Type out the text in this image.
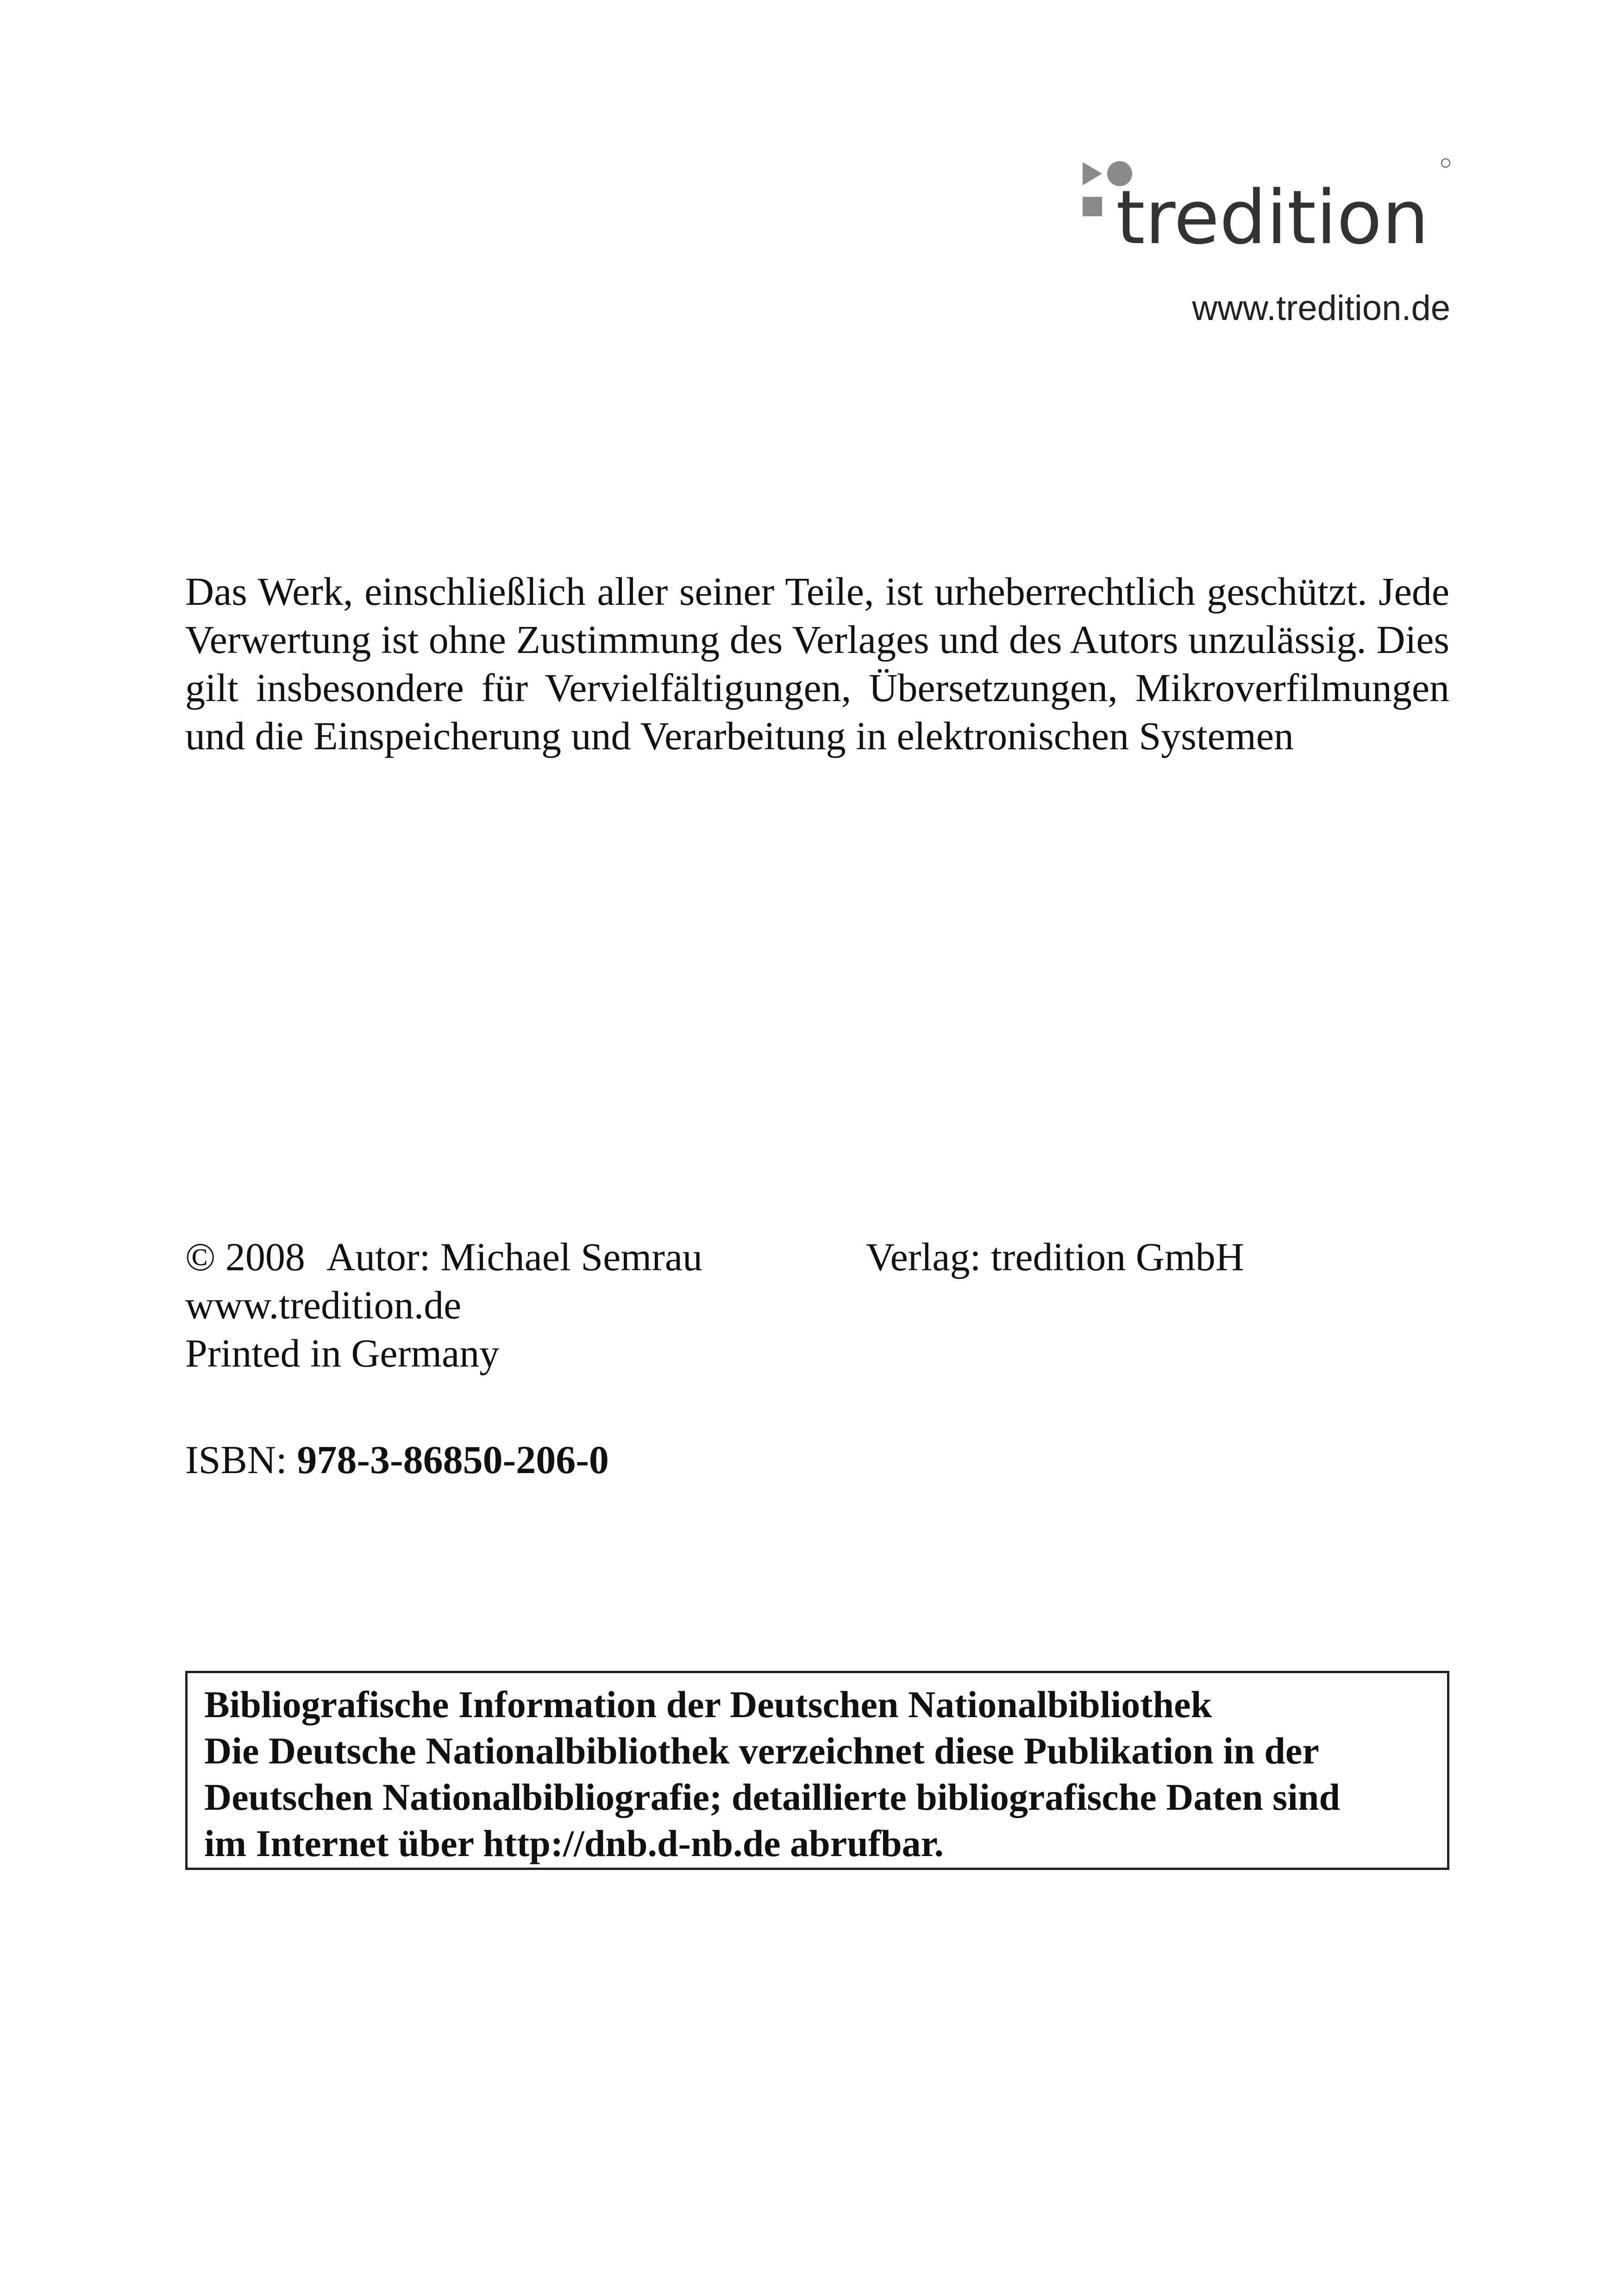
tredition
www.tredition.de

Das Werk, einschließlich aller seiner Teile, ist urheberrechtlich geschützt. Jede Verwertung ist ohne Zustimmung des Verlages und des Autors unzulässig. Dies gilt insbesondere für Vervielfältigungen, Übersetzungen, Mikroverfilmungen und die Einspeicherung und Verarbeitung in elektronischen Systemen

© 2008 Autor: Michael Semrau	Verlag: tredition GmbH
www.tredition.de
Printed in Germany
ISBN: 978-3-86850-206-0
Bibliografische Information der Deutschen Nationalbibliothek
Die Deutsche Nationalbibliothek verzeichnet diese Publikation in der
Deutschen Nationalbibliografie; detaillierte bibliografische Daten sind
im Internet über http://dnb.d-nb.de abrufbar.
